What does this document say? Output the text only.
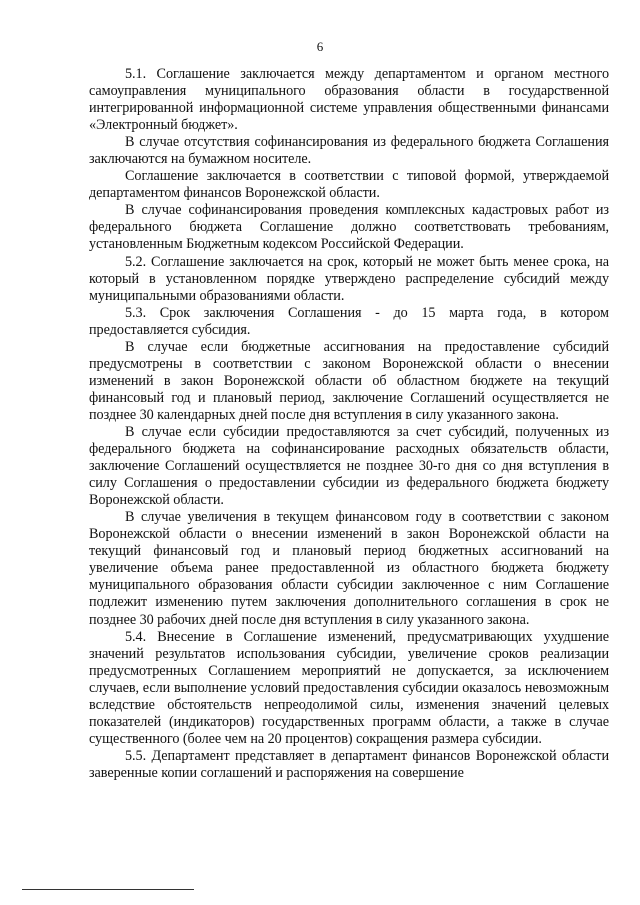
6

5.1. Соглашение заключается между департаментом и органом местного самоуправления муниципального образования области в государственной интегрированной информационной системе управления общественными финансами «Электронный бюджет».

В случае отсутствия софинансирования из федерального бюджета Соглашения заключаются на бумажном носителе.

Соглашение заключается в соответствии с типовой формой, утверждаемой департаментом финансов Воронежской области.

В случае софинансирования проведения комплексных кадастровых работ из федерального бюджета Соглашение должно соответствовать требованиям, установленным Бюджетным кодексом Российской Федерации.

5.2. Соглашение заключается на срок, который не может быть менее срока, на который в установленном порядке утверждено распределение субсидий между муниципальными образованиями области.

5.3. Срок заключения Соглашения - до 15 марта года, в котором предоставляется субсидия.

В случае если бюджетные ассигнования на предоставление субсидий предусмотрены в соответствии с законом Воронежской области о внесении изменений в закон Воронежской области об областном бюджете на текущий финансовый год и плановый период, заключение Соглашений осуществляется не позднее 30 календарных дней после дня вступления в силу указанного закона.

В случае если субсидии предоставляются за счет субсидий, полученных из федерального бюджета на софинансирование расходных обязательств области, заключение Соглашений осуществляется не позднее 30-го дня со дня вступления в силу Соглашения о предоставлении субсидии из федерального бюджета бюджету Воронежской области.

В случае увеличения в текущем финансовом году в соответствии с законом Воронежской области о внесении изменений в закон Воронежской области на текущий финансовый год и плановый период бюджетных ассигнований на увеличение объема ранее предоставленной из областного бюджета бюджету муниципального образования области субсидии заключенное с ним Соглашение подлежит изменению путем заключения дополнительного соглашения в срок не позднее 30 рабочих дней после дня вступления в силу указанного закона.

5.4. Внесение в Соглашение изменений, предусматривающих ухудшение значений результатов использования субсидии, увеличение сроков реализации предусмотренных Соглашением мероприятий не допускается, за исключением случаев, если выполнение условий предоставления субсидии оказалось невозможным вследствие обстоятельств непреодолимой силы, изменения значений целевых показателей (индикаторов) государственных программ области, а также в случае существенного (более чем на 20 процентов) сокращения размера субсидии.

5.5. Департамент представляет в департамент финансов Воронежской области заверенные копии соглашений и распоряжения на совершение
